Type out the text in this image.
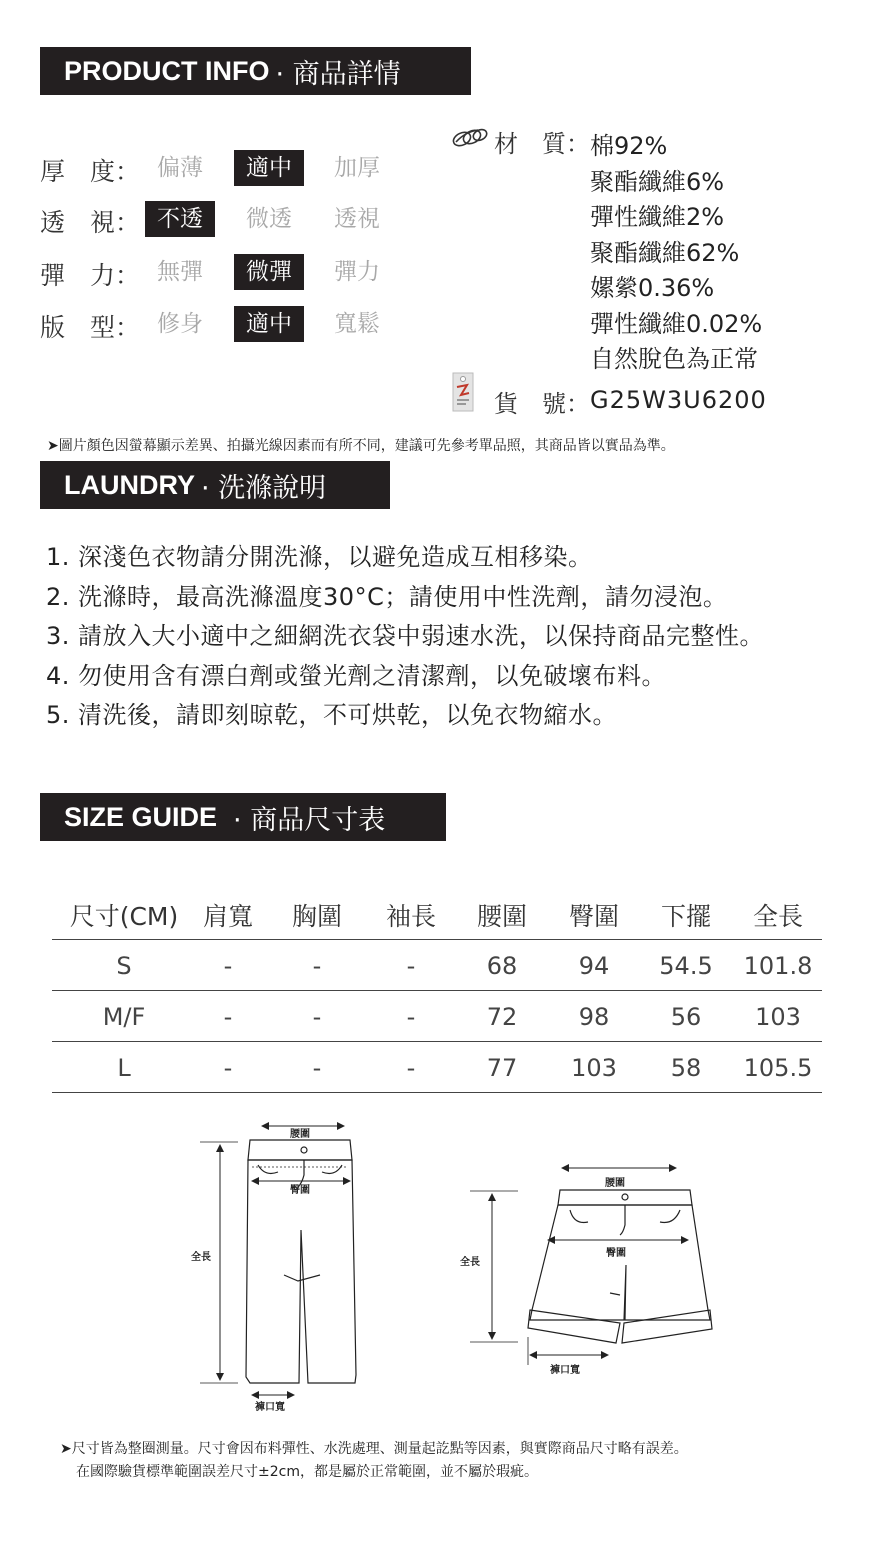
PRODUCT INFO · 商品詳情
厚　度： 偏薄	適中	加厚
透　視： 不透	微透	透視
彈　力： 無彈	微彈	彈力
版　型： 修身	適中	寬鬆
材　質： 棉92%
聚酯纖維6%
彈性纖維2%
聚酯纖維62%
嫘縈0.36%
彈性纖維0.02%
自然脫色為正常
貨　號： G25W3U6200
➤圖片顏色因螢幕顯示差異、拍攝光線因素而有所不同，建議可先參考單品照，其商品皆以實品為準。
LAUNDRY · 洗滌說明
1. 深淺色衣物請分開洗滌，以避免造成互相移染。
2. 洗滌時，最高洗滌溫度30°C；請使用中性洗劑，請勿浸泡。
3. 請放入大小適中之細網洗衣袋中弱速水洗，以保持商品完整性。
4. 勿使用含有漂白劑或螢光劑之清潔劑，以免破壞布料。
5. 清洗後，請即刻晾乾，不可烘乾，以免衣物縮水。
SIZE GUIDE · 商品尺寸表
尺寸(CM) 肩寬	胸圍	袖長	腰圍	臀圍	下擺	全長
S	-	-	-	68	94	54.5	101.8
M/F	-	-	-	72	98	56	103
L	-	-	-	77	103	58	105.5
腰圍
臀圍
全長
褲口寬
腰圍
臀圍
全長
褲口寬
➤尺寸皆為整圈測量。尺寸會因布料彈性、水洗處理、測量起訖點等因素，與實際商品尺寸略有誤差。
在國際驗貨標準範圍誤差尺寸±2cm，都是屬於正常範圍，並不屬於瑕疵。
